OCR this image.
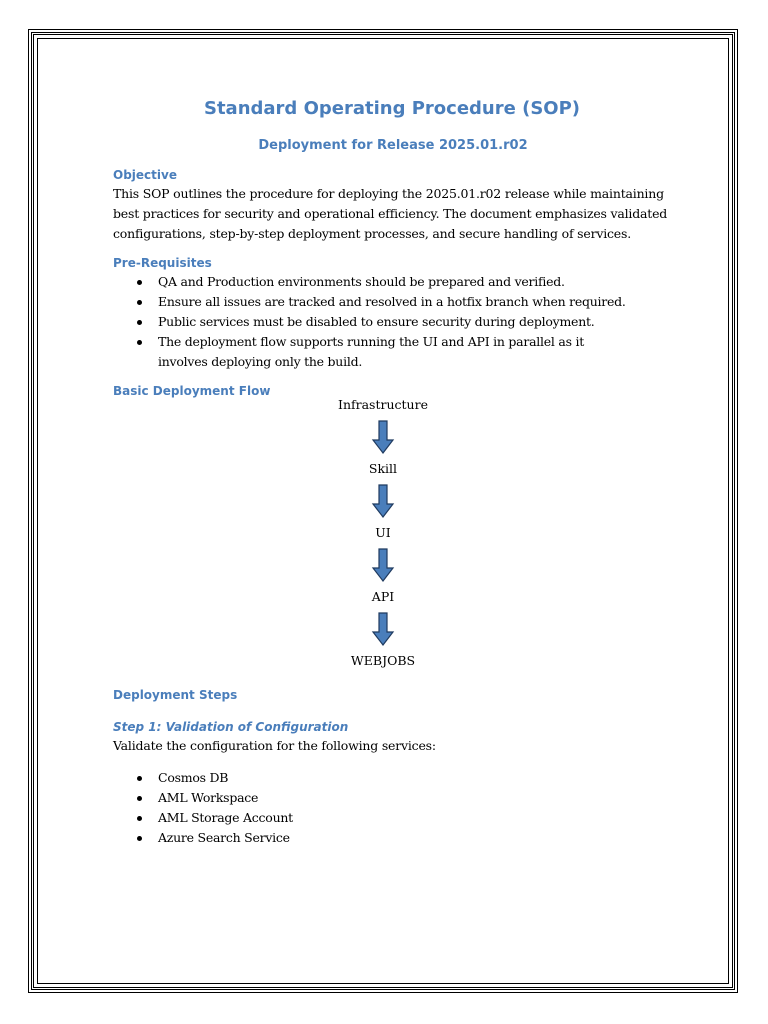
Standard Operating Procedure (SOP)
Deployment for Release 2025.01.r02
Objective

This SOP outlines the procedure for deploying the 2025.01.r02 release while maintaining

best practices for security and operational efficiency. The document emphasizes validated

configurations, step-by-step deployment processes, and secure handling of services.

Pre-Requisites
QA and Production environments should be prepared and verified.
Ensure all issues are tracked and resolved in a hotfix branch when required.
Public services must be disabled to ensure security during deployment.
The deployment flow supports running the UI and API in parallel as it involves deploying only the build.
Basic Deployment Flow
Infrastructure
Skill
UI
API
WEBJOBS
Deployment Steps
Step 1: Validation of Configuration

Validate the configuration for the following services:

Cosmos DB
AML Workspace
AML Storage Account
Azure Search Service
